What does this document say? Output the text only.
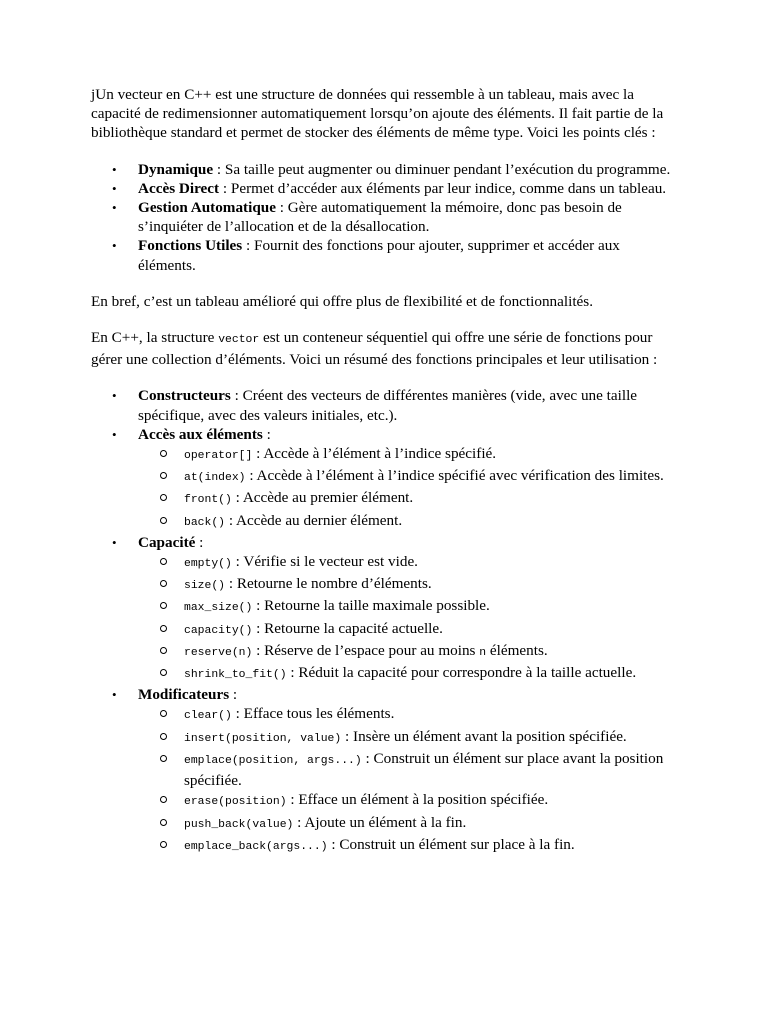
jUn vecteur en C++ est une structure de données qui ressemble à un tableau, mais avec la capacité de redimensionner automatiquement lorsqu’on ajoute des éléments. Il fait partie de la bibliothèque standard et permet de stocker des éléments de même type. Voici les points clés :

• Dynamique : Sa taille peut augmenter ou diminuer pendant l’exécution du programme.
• Accès Direct : Permet d’accéder aux éléments par leur indice, comme dans un tableau.
• Gestion Automatique : Gère automatiquement la mémoire, donc pas besoin de s’inquiéter de l’allocation et de la désallocation.
• Fonctions Utiles : Fournit des fonctions pour ajouter, supprimer et accéder aux éléments.

En bref, c’est un tableau amélioré qui offre plus de flexibilité et de fonctionnalités.

En C++, la structure vector est un conteneur séquentiel qui offre une série de fonctions pour gérer une collection d’éléments. Voici un résumé des fonctions principales et leur utilisation :

• Constructeurs : Créent des vecteurs de différentes manières (vide, avec une taille spécifique, avec des valeurs initiales, etc.).
• Accès aux éléments :
operator[] : Accède à l’élément à l’indice spécifié.
at(index) : Accède à l’élément à l’indice spécifié avec vérification des limites.
front() : Accède au premier élément.
back() : Accède au dernier élément.
• Capacité :
empty() : Vérifie si le vecteur est vide.
size() : Retourne le nombre d’éléments.
max_size() : Retourne la taille maximale possible.
capacity() : Retourne la capacité actuelle.
reserve(n) : Réserve de l’espace pour au moins n éléments.
shrink_to_fit() : Réduit la capacité pour correspondre à la taille actuelle.
• Modificateurs :
clear() : Efface tous les éléments.
insert(position, value) : Insère un élément avant la position spécifiée.
emplace(position, args...) : Construit un élément sur place avant la position spécifiée.
erase(position) : Efface un élément à la position spécifiée.
push_back(value) : Ajoute un élément à la fin.
emplace_back(args...) : Construit un élément sur place à la fin.
